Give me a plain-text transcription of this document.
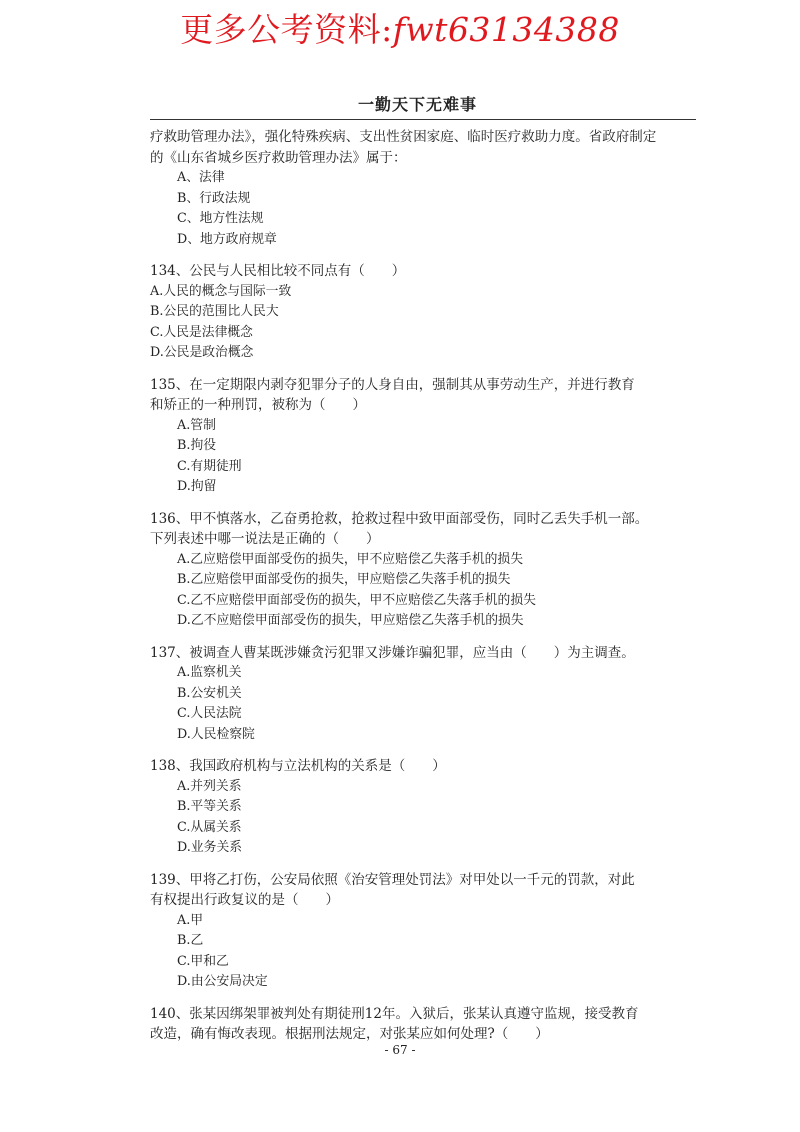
更多公考资料:fwt63134388
一勤天下无难事

疗救助管理办法》，强化特殊疾病、支出性贫困家庭、临时医疗救助力度。省政府制定

的《山东省城乡医疗救助管理办法》属于：

A、法律

B、行政法规

C、地方性法规

D、地方政府规章

134、公民与人民相比较不同点有（　　）

A.人民的概念与国际一致

B.公民的范围比人民大

C.人民是法律概念

D.公民是政治概念

135、在一定期限内剥夺犯罪分子的人身自由，强制其从事劳动生产，并进行教育

和矫正的一种刑罚，被称为（　　）

A.管制

B.拘役

C.有期徒刑

D.拘留

136、甲不慎落水，乙奋勇抢救，抢救过程中致甲面部受伤，同时乙丢失手机一部。

下列表述中哪一说法是正确的（　　）

A.乙应赔偿甲面部受伤的损失，甲不应赔偿乙失落手机的损失

B.乙应赔偿甲面部受伤的损失，甲应赔偿乙失落手机的损失

C.乙不应赔偿甲面部受伤的损失，甲不应赔偿乙失落手机的损失

D.乙不应赔偿甲面部受伤的损失，甲应赔偿乙失落手机的损失

137、被调查人曹某既涉嫌贪污犯罪又涉嫌诈骗犯罪，应当由（　　）为主调查。

A.监察机关

B.公安机关

C.人民法院

D.人民检察院

138、我国政府机构与立法机构的关系是（　　）

A.并列关系

B.平等关系

C.从属关系

D.业务关系

139、甲将乙打伤，公安局依照《治安管理处罚法》对甲处以一千元的罚款，对此

有权提出行政复议的是（　　）

A.甲

B.乙

C.甲和乙

D.由公安局决定

140、张某因绑架罪被判处有期徒刑12年。入狱后，张某认真遵守监规，接受教育

改造，确有悔改表现。根据刑法规定，对张某应如何处理?（　　）

- 67 -
